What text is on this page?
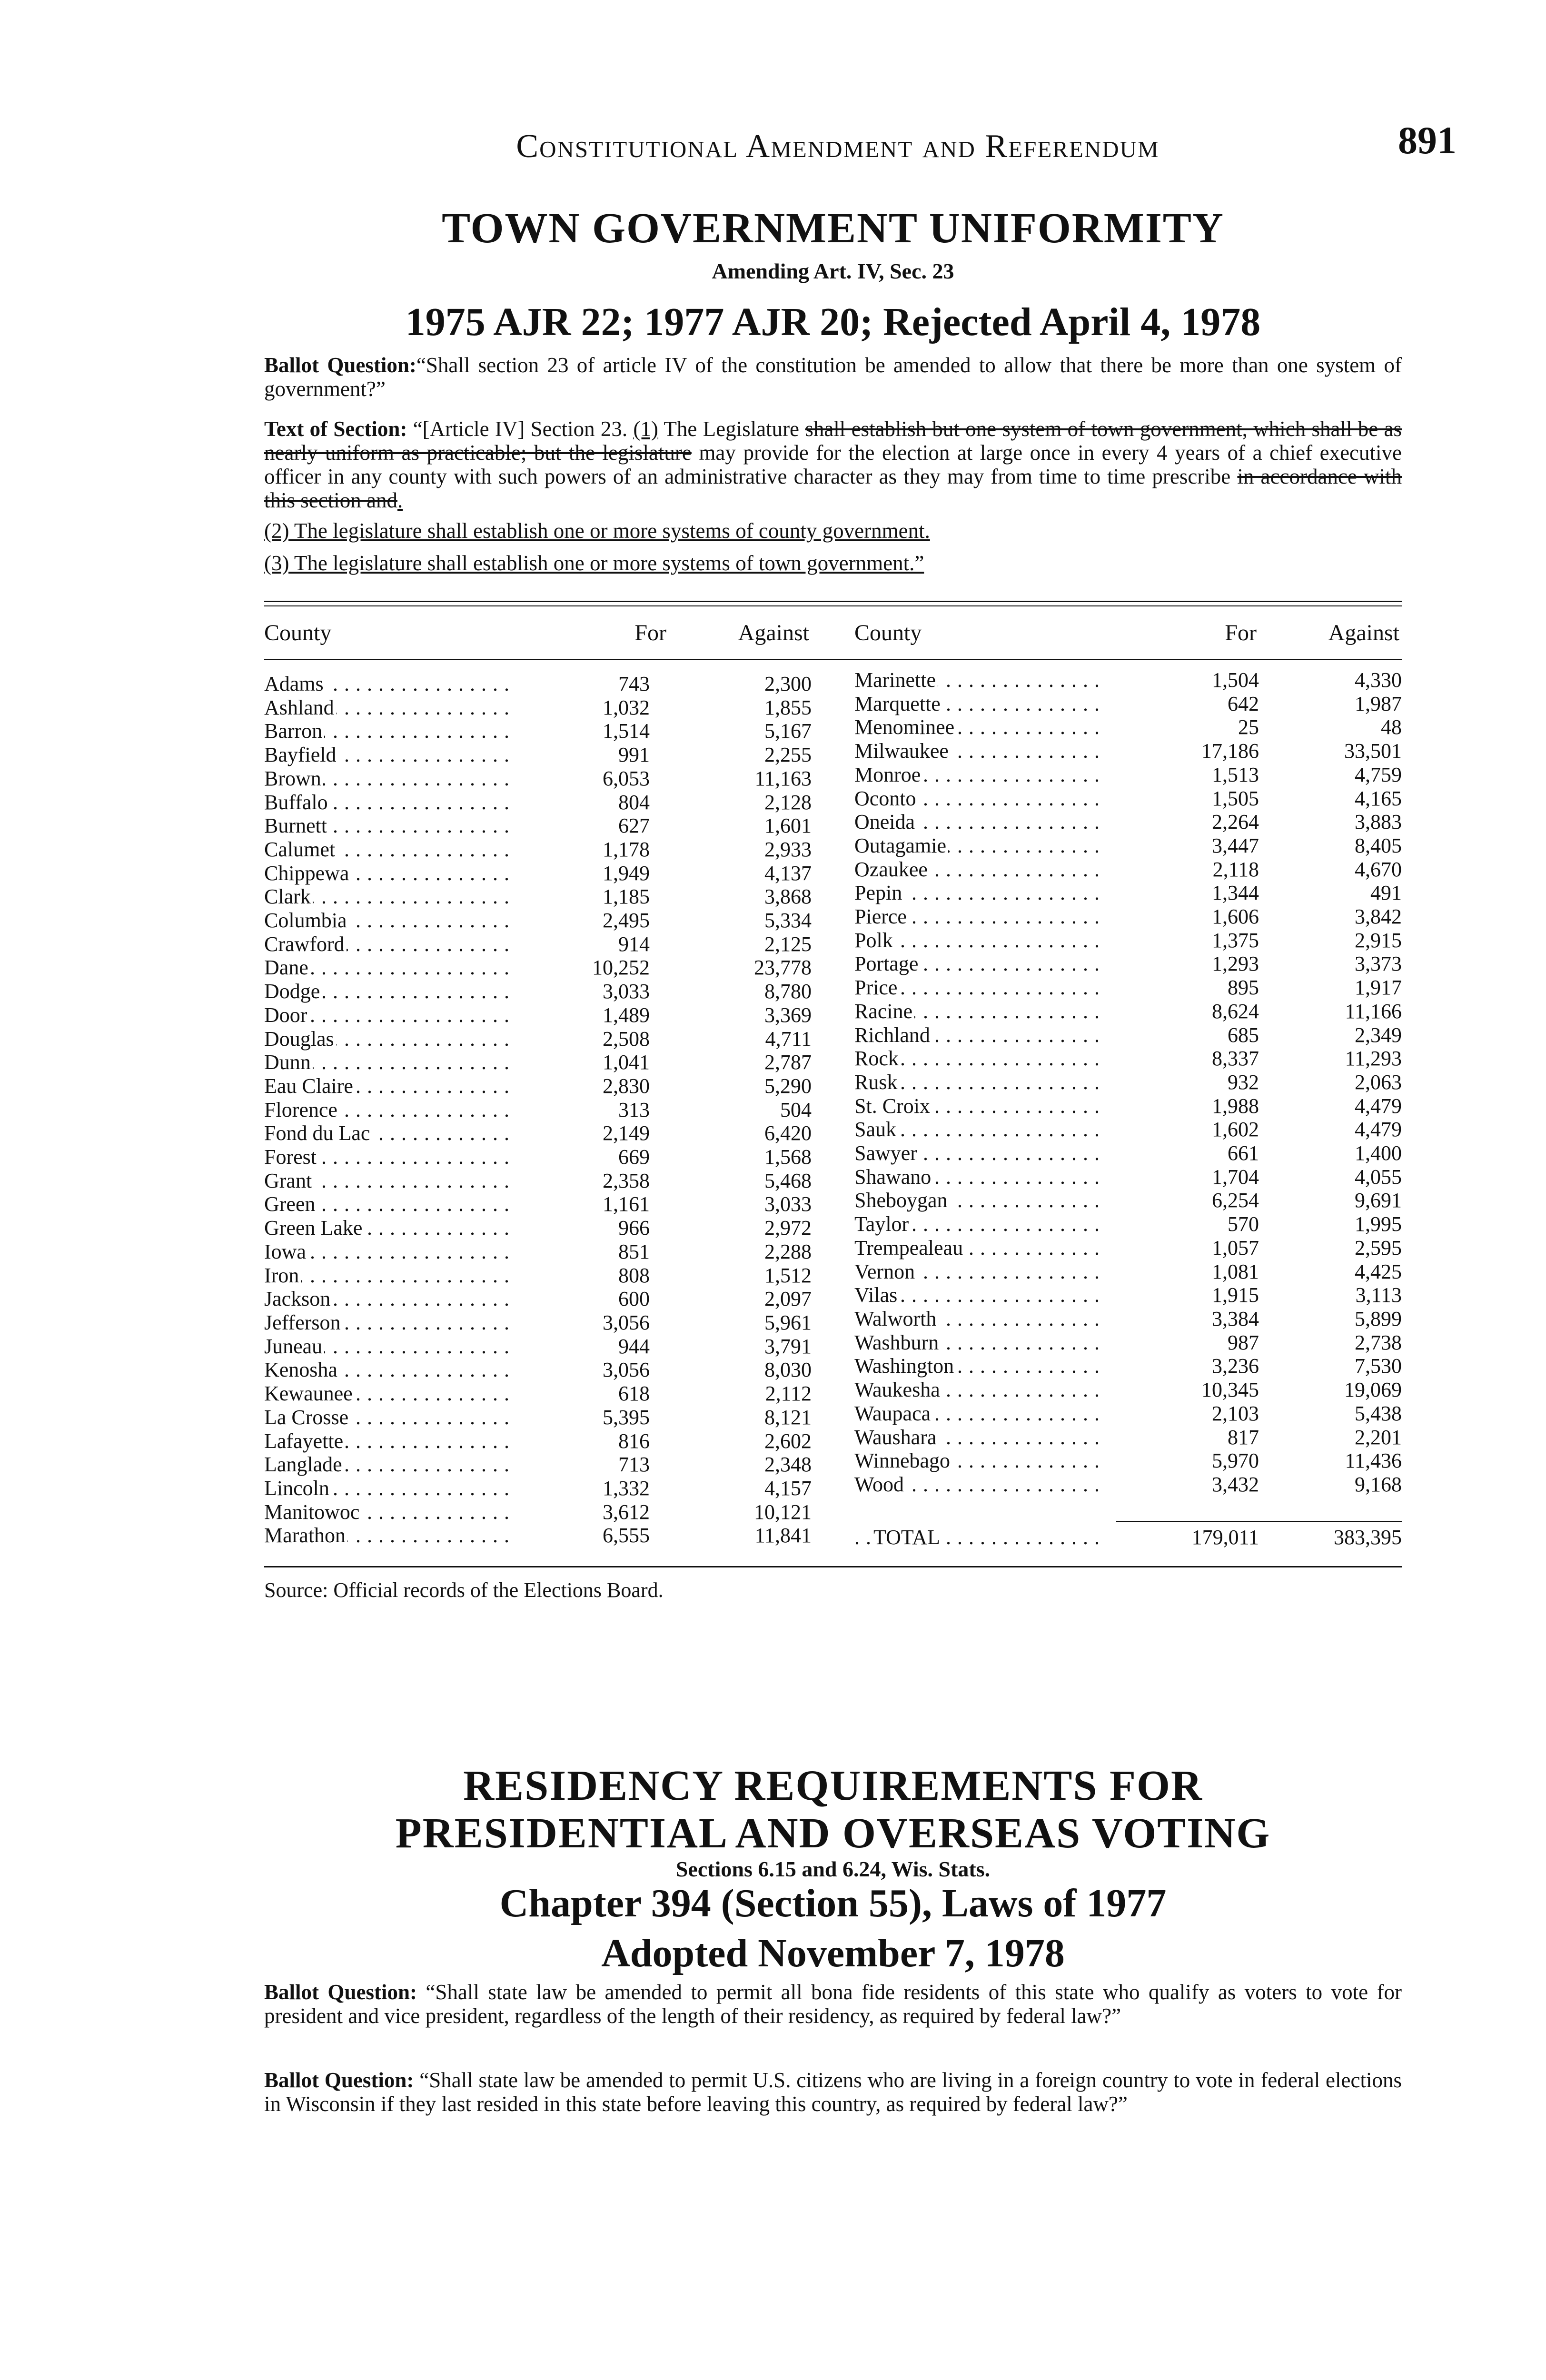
Constitutional Amendment and Referendum	891
TOWN GOVERNMENT UNIFORMITY
Amending Art. IV, Sec. 23
1975 AJR 22; 1977 AJR 20; Rejected April 4, 1978
Ballot Question:“Shall section 23 of article IV of the constitution be amended to allow that there be more than one system of government?”
Text of Section: “[Article IV] Section 23. (1) The Legislature shall establish but one system of town government, which shall be as nearly uniform as practicable; but the legislature may provide for the election at large once in every 4 years of a chief executive officer in any county with such powers of an administrative character as they may from time to time prescribe in accordance with this section and.
(2) The legislature shall establish one or more systems of county government.
(3) The legislature shall establish one or more systems of town government.”
County	For	Against County	For	Against
Adams . . .	743	2,300
Ashland . . .	1,032	1,855
Barron . . .	1,514	5,167
Bayfield . . .	991	2,255
Brown . . .	6,053	11,163
Buffalo . . .	804	2,128
Burnett . . .	627	1,601
Calumet . . .	1,178	2,933
Chippewa . . .	1,949	4,137
Clark . . .	1,185	3,868
Columbia . . .	2,495	5,334
Crawford . . .	914	2,125
Dane . . .	10,252	23,778
Dodge . . .	3,033	8,780
Door . . .	1,489	3,369
Douglas . . .	2,508	4,711
Dunn . . .	1,041	2,787
Eau Claire . . .	2,830	5,290
Florence . . .	313	504
Fond du Lac . . .	2,149	6,420
Forest . . .	669	1,568
Grant . . .	2,358	5,468
Green . . .	1,161	3,033
Green Lake . . .	966	2,972
Iowa . . .	851	2,288
Iron . . .	808	1,512
Jackson . . .	600	2,097
Jefferson . . .	3,056	5,961
Juneau . . .	944	3,791
Kenosha . . .	3,056	8,030
Kewaunee . . .	618	2,112
La Crosse . . .	5,395	8,121
Lafayette . . .	816	2,602
Langlade . . .	713	2,348
Lincoln . . .	1,332	4,157
Manitowoc . . .	3,612	10,121
Marathon . . .	6,555	11,841
Marinette . . .	1,504	4,330
Marquette . . .	642	1,987
Menominee . . .	25	48
Milwaukee . . .	17,186	33,501
Monroe . . .	1,513	4,759
Oconto . . .	1,505	4,165
Oneida . . .	2,264	3,883
Outagamie . . .	3,447	8,405
Ozaukee . . .	2,118	4,670
Pepin . . .	1,344	491
Pierce . . .	1,606	3,842
Polk . . .	1,375	2,915
Portage . . .	1,293	3,373
Price . . .	895	1,917
Racine . . .	8,624	11,166
Richland . . .	685	2,349
Rock . . .	8,337	11,293
Rusk . . .	932	2,063
St. Croix . . .	1,988	4,479
Sauk . . .	1,602	4,479
Sawyer . . .	661	1,400
Shawano . . .	1,704	4,055
Sheboygan . . .	6,254	9,691
Taylor . . .	570	1,995
Trempealeau . . .	1,057	2,595
Vernon . . .	1,081	4,425
Vilas . . .	1,915	3,113
Walworth . . .	3,384	5,899
Washburn . . .	987	2,738
Washington . . .	3,236	7,530
Waukesha . . .	10,345	19,069
Waupaca . . .	2,103	5,438
Waushara . . .	817	2,201
Winnebago . . .	5,970	11,436
Wood . . .	3,432	9,168
TOTAL . . .	179,011	383,395
Source: Official records of the Elections Board.
RESIDENCY REQUIREMENTS FOR
PRESIDENTIAL AND OVERSEAS VOTING
Sections 6.15 and 6.24, Wis. Stats.
Chapter 394 (Section 55), Laws of 1977
Adopted November 7, 1978
Ballot Question: “Shall state law be amended to permit all bona fide residents of this state who qualify as voters to vote for president and vice president, regardless of the length of their residency, as required by federal law?”
Ballot Question: “Shall state law be amended to permit U.S. citizens who are living in a foreign country to vote in federal elections in Wisconsin if they last resided in this state before leaving this country, as required by federal law?”
